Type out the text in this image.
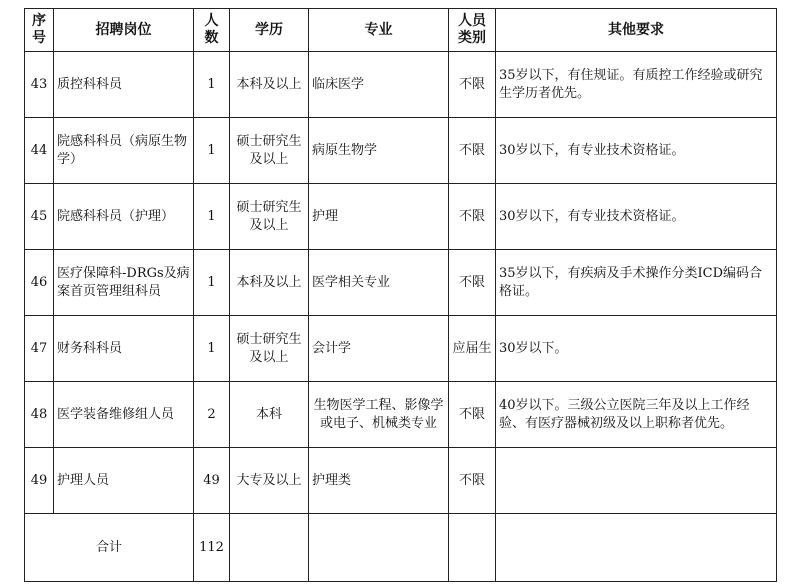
序号	招聘岗位	人数	学历	专业	人员类别	其他要求
43	质控科科员	1	本科及以上	临床医学	不限	35岁以下，有住规证。有质控工作经验或研究生学历者优先。
44	院感科科员（病原生物学）	1	硕士研究生及以上	病原生物学	不限	30岁以下，有专业技术资格证。
45	院感科科员（护理）	1	硕士研究生及以上	护理	不限	30岁以下，有专业技术资格证。
46	医疗保障科-DRGs及病案首页管理组科员	1	本科及以上	医学相关专业	不限	35岁以下，有疾病及手术操作分类ICD编码合格证。
47	财务科科员	1	硕士研究生及以上	会计学	应届生	30岁以下。
48	医学装备维修组人员	2	本科	生物医学工程、影像学或电子、机械类专业	不限	40岁以下。三级公立医院三年及以上工作经验、有医疗器械初级及以上职称者优先。
49	护理人员	49	大专及以上	护理类	不限	
合计		112				
